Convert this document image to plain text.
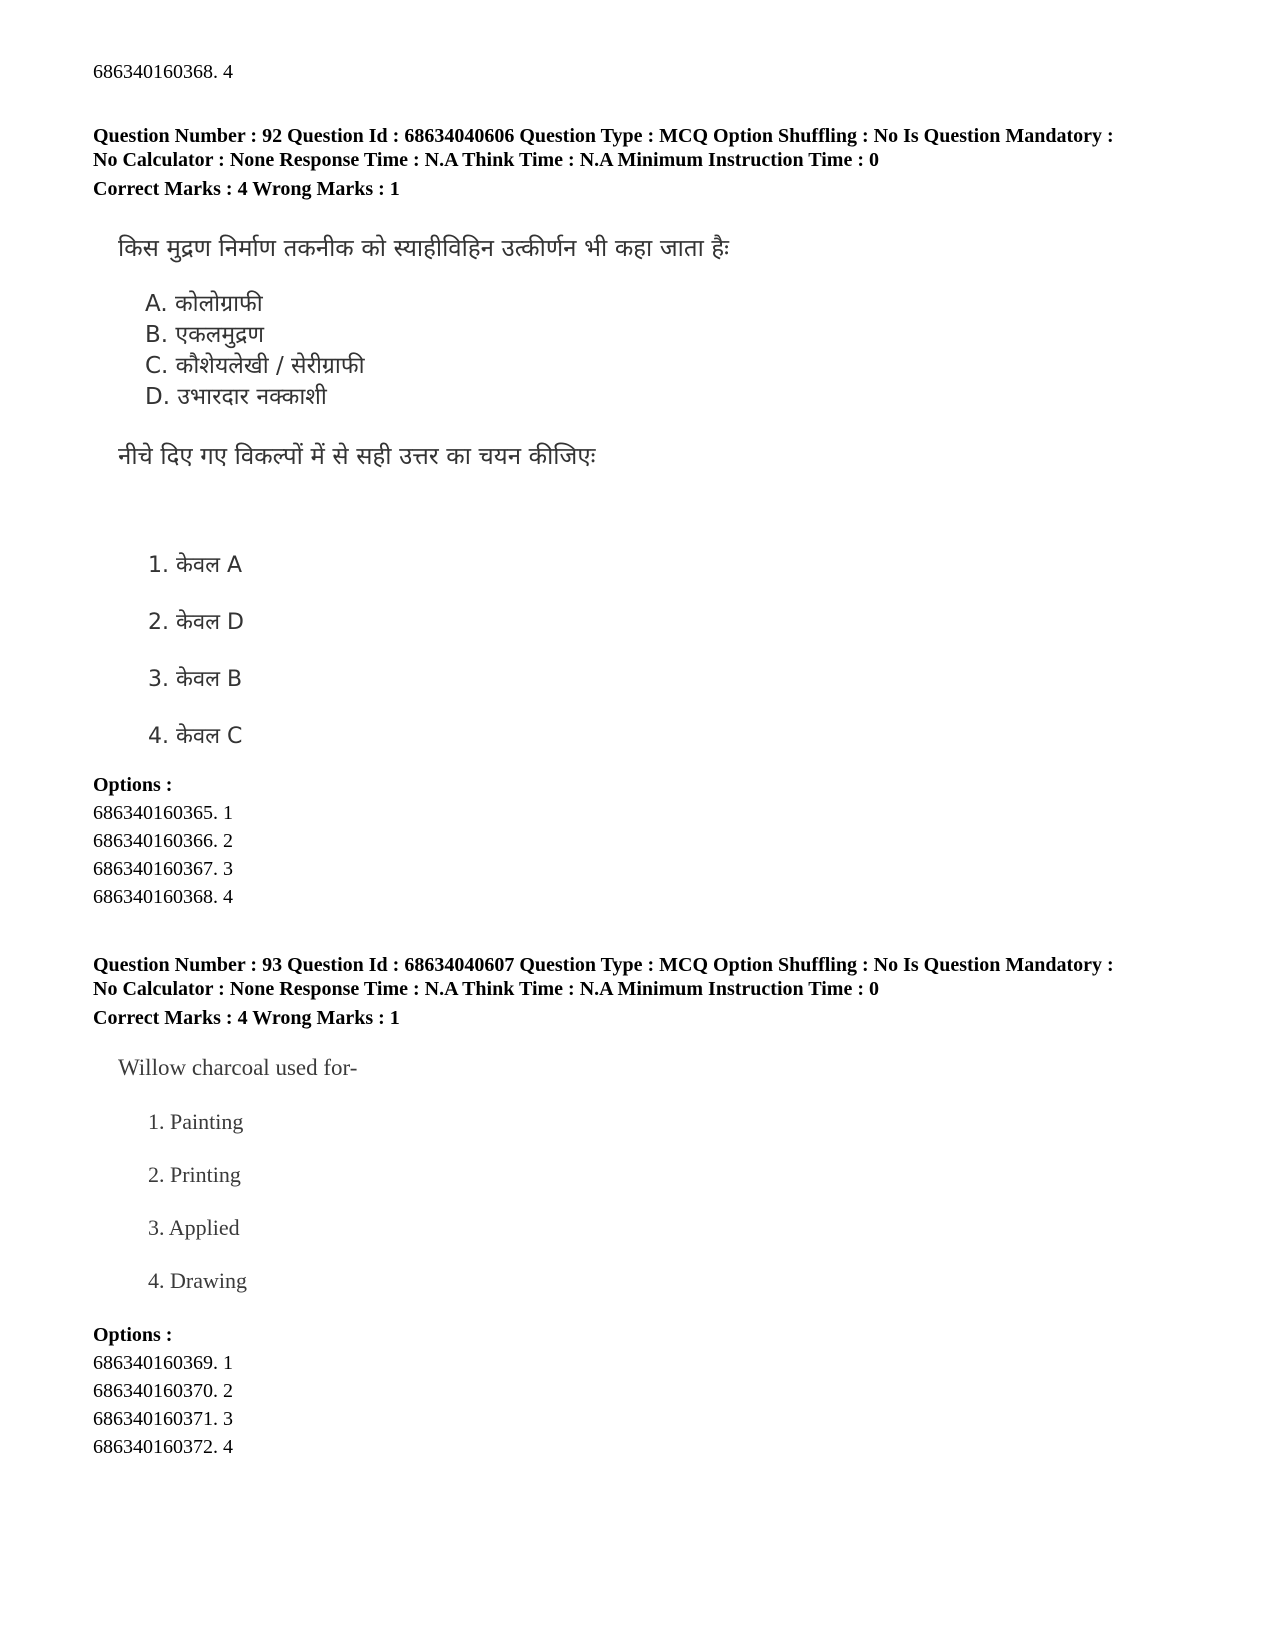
686340160368. 4
Question Number : 92 Question Id : 68634040606 Question Type : MCQ Option Shuffling : No Is Question Mandatory :
No Calculator : None Response Time : N.A Think Time : N.A Minimum Instruction Time : 0
Correct Marks : 4 Wrong Marks : 1
किस मुद्रण निर्माण तकनीक को स्याहीविहिन उत्कीर्णन भी कहा जाता हैः
A. कोलोग्राफी
B. एकलमुद्रण
C. कौशेयलेखी / सेरीग्राफी
D. उभारदार नक्काशी
नीचे दिए गए विकल्पों में से सही उत्तर का चयन कीजिएः
1. केवल A
2. केवल D
3. केवल B
4. केवल C
Options :
686340160365. 1
686340160366. 2
686340160367. 3
686340160368. 4
Question Number : 93 Question Id : 68634040607 Question Type : MCQ Option Shuffling : No Is Question Mandatory :
No Calculator : None Response Time : N.A Think Time : N.A Minimum Instruction Time : 0
Correct Marks : 4 Wrong Marks : 1
Willow charcoal used for-
1. Painting
2. Printing
3. Applied
4. Drawing
Options :
686340160369. 1
686340160370. 2
686340160371. 3
686340160372. 4
